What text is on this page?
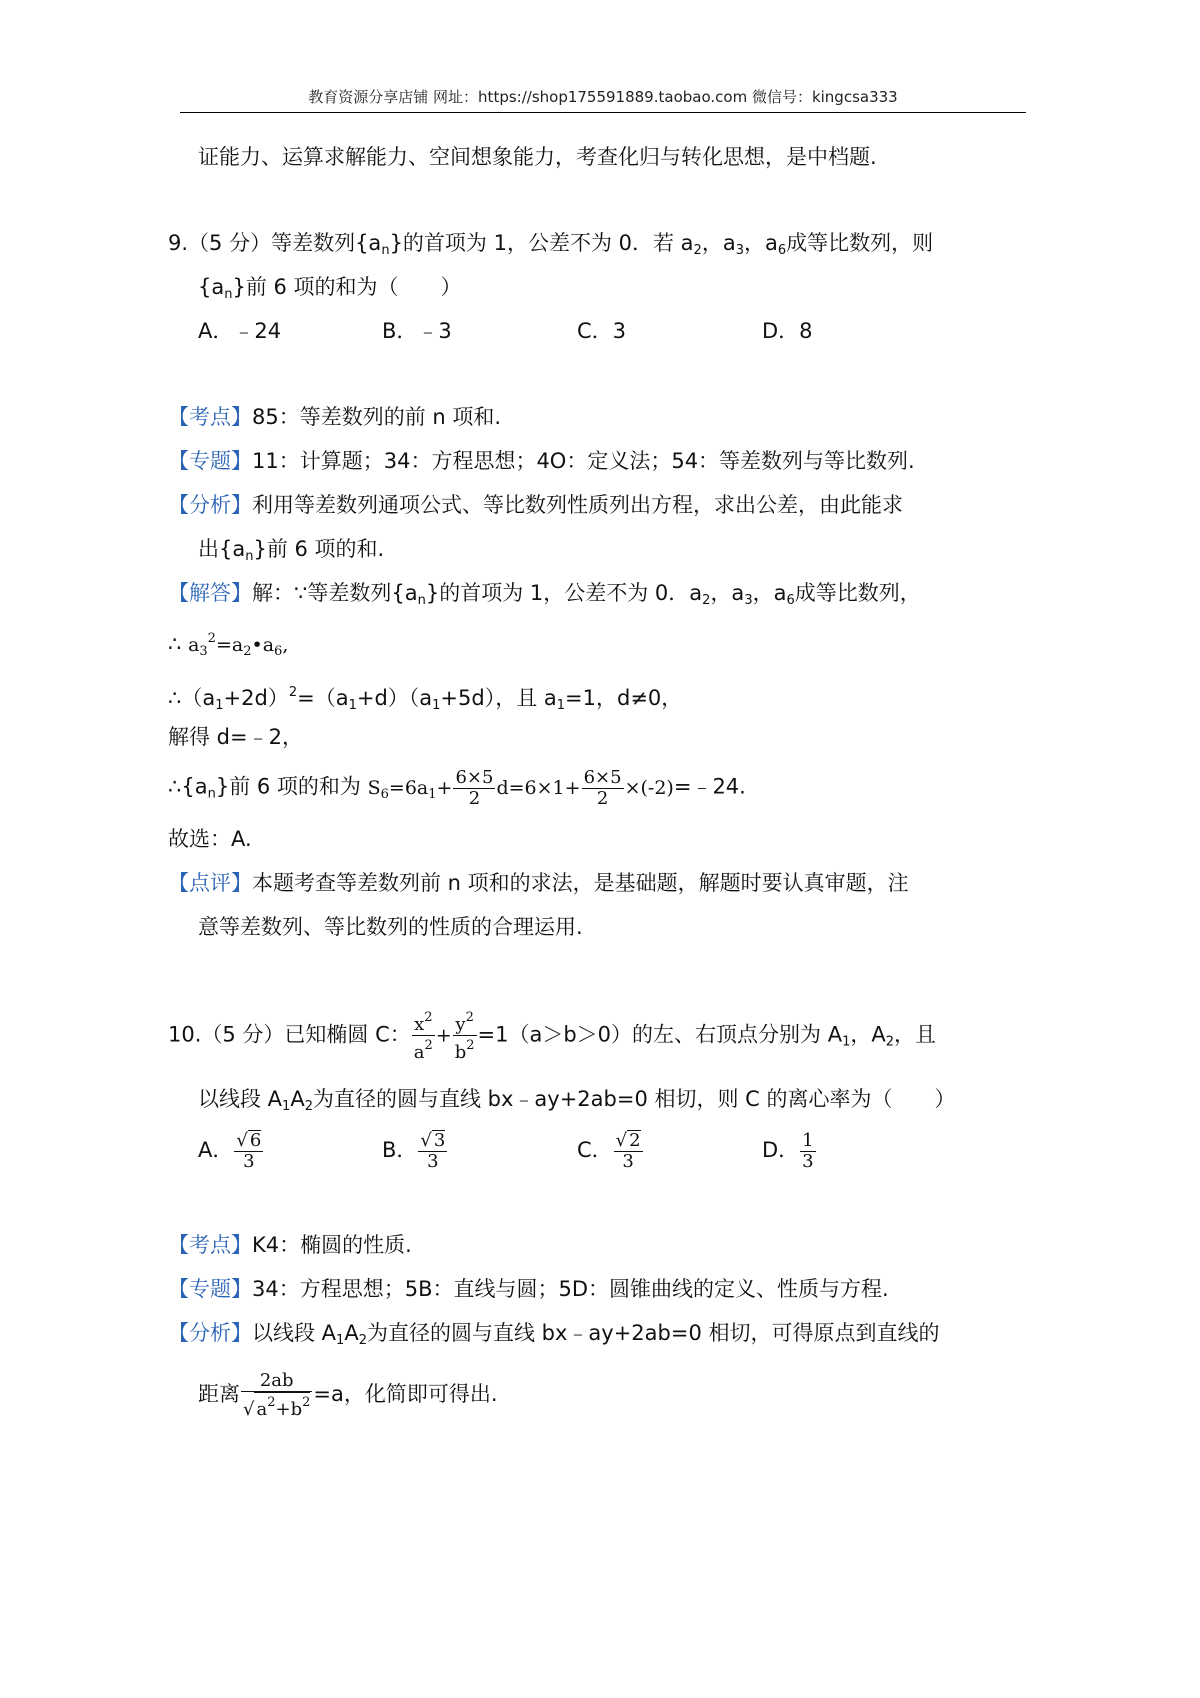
教育资源分享店铺 网址：https://shop175591889.taobao.com 微信号：kingcsa333
证能力、运算求解能力、空间想象能力，考查化归与转化思想，是中档题.
9.（5 分）等差数列$\{a_n\}$的首项为 1，公差不为 0．若 $a_2$，$a_3$，$a_6$成等比数列，则
$\{a_n\}$前 6 项的和为（　　）
A．﹣24	B．﹣3	C．3	D．8
【考点】85：等差数列的前 n 项和.
【专题】11：计算题；34：方程思想；4O：定义法；54：等差数列与等比数列.
【分析】利用等差数列通项公式、等比数列性质列出方程，求出公差，由此能求
出$\{a_n\}$前 6 项的和.
【解答】解：∵等差数列$\{a_n\}$的首项为 1，公差不为 0．$a_2$，$a_3$，$a_6$成等比数列，
∴ $a_3^2=a_2•a_6$,
$\therefore(a_1+2d)^2=(a_1+d)(a_1+5d)$，且 $a_1=1$，d≠0，
解得 d=﹣2，
$\therefore\{a_n\}$前 6 项的和为 $S_6=6a_1+ \frac{6\times 5}{2} d=6\times 1+ \frac{6\times 5}{2}$ ×(-2)=﹣24.
故选：A.
【点评】本题考查等差数列前 n 项和的求法，是基础题，解题时要认真审题，注
意等差数列、等比数列的性质的合理运用.
10.（5 分）已知椭圆 C： $\frac{x^2}{a^2} + \frac{y^2}{b^2} =1(a>b>0)$的左、右顶点分别为 $A_1$，$A_2$，且
以线段 $A_1A_2$为直径的圆与直线 bx﹣ay+2ab=0 相切，则 C 的离心率为（　　）
A． $\frac{√ 6}{3}$	B． $\frac{√ 3}{3}$	C． $\frac{√ 2}{3}$	D． $\frac{1}{3}$
【考点】K4：椭圆的性质.
【专题】34：方程思想；5B：直线与圆；5D：圆锥曲线的定义、性质与方程.
【分析】以线段 $A_1A_2$为直径的圆与直线 bx﹣ay+2ab=0 相切，可得原点到直线的
距离 $\frac{2ab}{√ a^2+b^2} =a$，化简即可得出.
